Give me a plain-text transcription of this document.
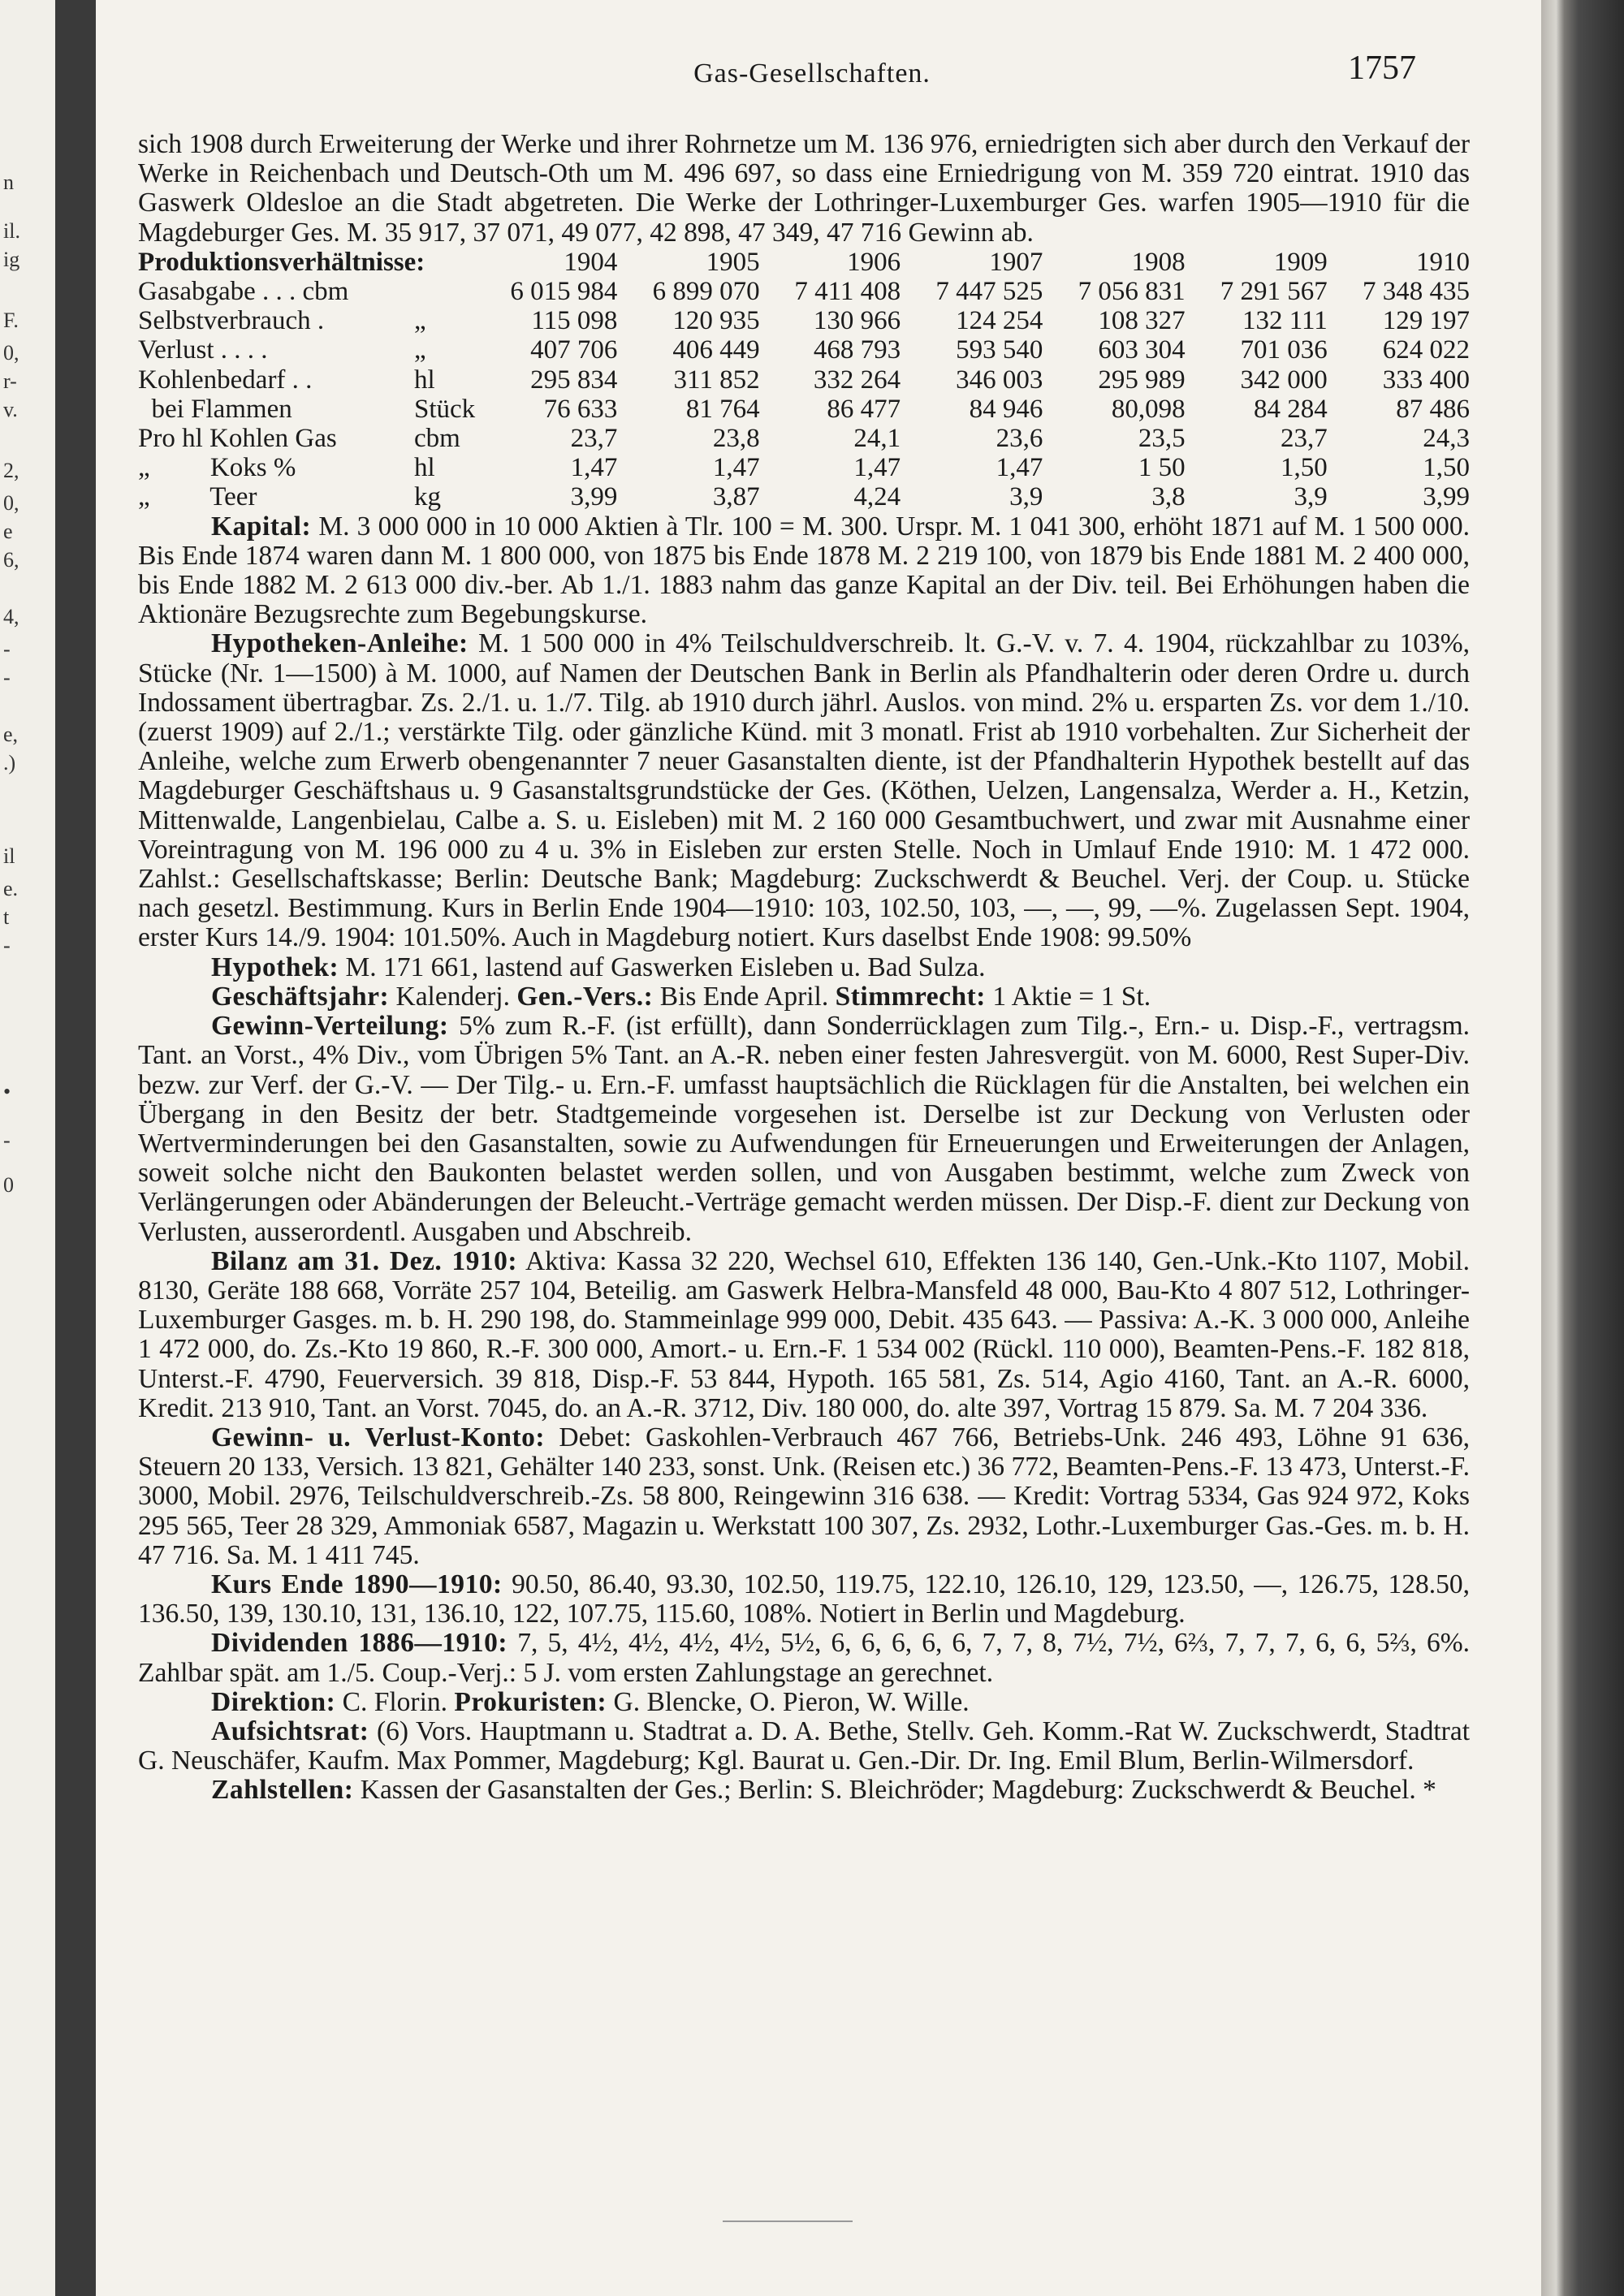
Gas-Gesellschaften.	1757

sich 1908 durch Erweiterung der Werke und ihrer Rohrnetze um M. 136 976, erniedrigten sich aber durch den Verkauf der Werke in Reichenbach und Deutsch-Oth um M. 496 697, so dass eine Erniedrigung von M. 359 720 eintrat. 1910 das Gaswerk Oldesloe an die Stadt abgetreten. Die Werke der Lothringer-Luxemburger Ges. warfen 1905—1910 für die Magdeburger Ges. M. 35 917, 37 071, 49 077, 42 898, 47 349, 47 716 Gewinn ab.

Produktionsverhältnisse:		1904	1905	1906	1907	1908	1909	1910
Gasabgabe . . . cbm		6 015 984	6 899 070	7 411 408	7 447 525	7 056 831	7 291 567	7 348 435
Selbstverbrauch .	„	115 098	120 935	130 966	124 254	108 327	132 111	129 197
Verlust . . . .	„	407 706	406 449	468 793	593 540	603 304	701 036	624 022
Kohlenbedarf . .	hl	295 834	311 852	332 264	346 003	295 989	342 000	333 400
bei Flammen	Stück	76 633	81 764	86 477	84 946	80,098	84 284	87 486
Pro hl Kohlen Gas	cbm	23,7	23,8	24,1	23,6	23,5	23,7	24,3
„         Koks %	hl	1,47	1,47	1,47	1,47	1 50	1,50	1,50
„         Teer	kg	3,99	3,87	4,24	3,9	3,8	3,9	3,99

Kapital: M. 3 000 000 in 10 000 Aktien à Tlr. 100 = M. 300. Urspr. M. 1 041 300, erhöht 1871 auf M. 1 500 000. Bis Ende 1874 waren dann M. 1 800 000, von 1875 bis Ende 1878 M. 2 219 100, von 1879 bis Ende 1881 M. 2 400 000, bis Ende 1882 M. 2 613 000 div.-ber. Ab 1./1. 1883 nahm das ganze Kapital an der Div. teil. Bei Erhöhungen haben die Aktionäre Bezugsrechte zum Begebungskurse.

Hypotheken-Anleihe: M. 1 500 000 in 4% Teilschuldverschreib. lt. G.-V. v. 7. 4. 1904, rückzahlbar zu 103%, Stücke (Nr. 1—1500) à M. 1000, auf Namen der Deutschen Bank in Berlin als Pfandhalterin oder deren Ordre u. durch Indossament übertragbar. Zs. 2./1. u. 1./7. Tilg. ab 1910 durch jährl. Auslos. von mind. 2% u. ersparten Zs. vor dem 1./10. (zuerst 1909) auf 2./1.; verstärkte Tilg. oder gänzliche Künd. mit 3 monatl. Frist ab 1910 vorbehalten. Zur Sicherheit der Anleihe, welche zum Erwerb obengenannter 7 neuer Gasanstalten diente, ist der Pfandhalterin Hypothek bestellt auf das Magdeburger Geschäftshaus u. 9 Gasanstaltsgrundstücke der Ges. (Köthen, Uelzen, Langensalza, Werder a. H., Ketzin, Mittenwalde, Langenbielau, Calbe a. S. u. Eisleben) mit M. 2 160 000 Gesamtbuchwert, und zwar mit Ausnahme einer Voreintragung von M. 196 000 zu 4 u. 3% in Eisleben zur ersten Stelle. Noch in Umlauf Ende 1910: M. 1 472 000. Zahlst.: Gesellschaftskasse; Berlin: Deutsche Bank; Magdeburg: Zuckschwerdt & Beuchel. Verj. der Coup. u. Stücke nach gesetzl. Bestimmung. Kurs in Berlin Ende 1904—1910: 103, 102.50, 103, —, —, 99, —%. Zugelassen Sept. 1904, erster Kurs 14./9. 1904: 101.50%. Auch in Magdeburg notiert. Kurs daselbst Ende 1908: 99.50%

Hypothek: M. 171 661, lastend auf Gaswerken Eisleben u. Bad Sulza.

Geschäftsjahr: Kalenderj. Gen.-Vers.: Bis Ende April. Stimmrecht: 1 Aktie = 1 St.

Gewinn-Verteilung: 5% zum R.-F. (ist erfüllt), dann Sonderrücklagen zum Tilg.-, Ern.- u. Disp.-F., vertragsm. Tant. an Vorst., 4% Div., vom Übrigen 5% Tant. an A.-R. neben einer festen Jahresvergüt. von M. 6000, Rest Super-Div. bezw. zur Verf. der G.-V. — Der Tilg.- u. Ern.-F. umfasst hauptsächlich die Rücklagen für die Anstalten, bei welchen ein Übergang in den Besitz der betr. Stadtgemeinde vorgesehen ist. Derselbe ist zur Deckung von Verlusten oder Wertverminderungen bei den Gasanstalten, sowie zu Aufwendungen für Erneuerungen und Erweiterungen der Anlagen, soweit solche nicht den Baukonten belastet werden sollen, und von Ausgaben bestimmt, welche zum Zweck von Verlängerungen oder Abänderungen der Beleucht.-Verträge gemacht werden müssen. Der Disp.-F. dient zur Deckung von Verlusten, ausserordentl. Ausgaben und Abschreib.

Bilanz am 31. Dez. 1910: Aktiva: Kassa 32 220, Wechsel 610, Effekten 136 140, Gen.-Unk.-Kto 1107, Mobil. 8130, Geräte 188 668, Vorräte 257 104, Beteilig. am Gaswerk Helbra-Mansfeld 48 000, Bau-Kto 4 807 512, Lothringer-Luxemburger Gasges. m. b. H. 290 198, do. Stammeinlage 999 000, Debit. 435 643. — Passiva: A.-K. 3 000 000, Anleihe 1 472 000, do. Zs.-Kto 19 860, R.-F. 300 000, Amort.- u. Ern.-F. 1 534 002 (Rückl. 110 000), Beamten-Pens.-F. 182 818, Unterst.-F. 4790, Feuerversich. 39 818, Disp.-F. 53 844, Hypoth. 165 581, Zs. 514, Agio 4160, Tant. an A.-R. 6000, Kredit. 213 910, Tant. an Vorst. 7045, do. an A.-R. 3712, Div. 180 000, do. alte 397, Vortrag 15 879. Sa. M. 7 204 336.

Gewinn- u. Verlust-Konto: Debet: Gaskohlen-Verbrauch 467 766, Betriebs-Unk. 246 493, Löhne 91 636, Steuern 20 133, Versich. 13 821, Gehälter 140 233, sonst. Unk. (Reisen etc.) 36 772, Beamten-Pens.-F. 13 473, Unterst.-F. 3000, Mobil. 2976, Teilschuldverschreib.-Zs. 58 800, Reingewinn 316 638. — Kredit: Vortrag 5334, Gas 924 972, Koks 295 565, Teer 28 329, Ammoniak 6587, Magazin u. Werkstatt 100 307, Zs. 2932, Lothr.-Luxemburger Gas.-Ges. m. b. H. 47 716. Sa. M. 1 411 745.

Kurs Ende 1890—1910: 90.50, 86.40, 93.30, 102.50, 119.75, 122.10, 126.10, 129, 123.50, —, 126.75, 128.50, 136.50, 139, 130.10, 131, 136.10, 122, 107.75, 115.60, 108%. Notiert in Berlin und Magdeburg.

Dividenden 1886—1910: 7, 5, 4½, 4½, 4½, 4½, 5½, 6, 6, 6, 6, 6, 7, 7, 8, 7½, 7½, 6⅔, 7, 7, 7, 6, 6, 5⅔, 6%. Zahlbar spät. am 1./5. Coup.-Verj.: 5 J. vom ersten Zahlungstage an gerechnet.

Direktion: C. Florin. Prokuristen: G. Blencke, O. Pieron, W. Wille.

Aufsichtsrat: (6) Vors. Hauptmann u. Stadtrat a. D. A. Bethe, Stellv. Geh. Komm.-Rat W. Zuckschwerdt, Stadtrat G. Neuschäfer, Kaufm. Max Pommer, Magdeburg; Kgl. Baurat u. Gen.-Dir. Dr. Ing. Emil Blum, Berlin-Wilmersdorf.

Zahlstellen: Kassen der Gasanstalten der Ges.; Berlin: S. Bleichröder; Magdeburg: Zuckschwerdt & Beuchel. *

n
il.
ig
F.
0,
r-
v.
2,
0,
e
6,
4,
-
-
e,
.)
il
e.
t
-
•
-
0
